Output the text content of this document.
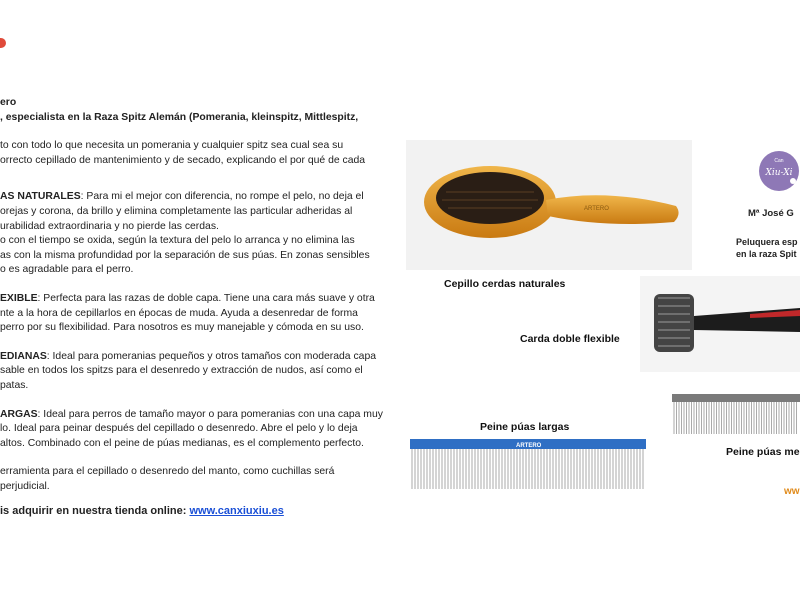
ero

, especialista en la Raza Spitz Alemán (Pomerania, kleinspitz, Mittlespitz,

to con todo lo que necesita un pomerania y cualquier spitz sea cual sea su

orrecto cepillado de mantenimiento y de secado, explicando el por qué de cada

AS NATURALES: Para mi el mejor con diferencia, no rompe el pelo, no deja el

orejas y corona, da brillo y elimina completamente las particular adheridas al

urabilidad extraordinaria y no pierde las cerdas.

o con el tiempo se oxida, según la textura del pelo lo arranca y no elimina las

as con la misma profundidad por la separación de sus púas. En zonas sensibles

o es agradable para el perro.

EXIBLE: Perfecta para las razas de doble capa. Tiene una cara más suave y otra

nte a la hora de cepillarlos en épocas de muda. Ayuda a desenredar de forma

perro por su flexibilidad. Para nosotros es muy manejable y cómoda en su uso.

EDIANAS: Ideal para pomeranias pequeños y otros tamaños con moderada capa

sable en todos los spitzs para el desenredo y extracción de nudos, así como el

patas.

ARGAS: Ideal para perros de tamaño mayor o para pomeranias con una capa muy

lo. Ideal para peinar después del cepillado o desenredo. Abre el pelo y lo deja

altos. Combinado con el peine de púas medianas, es el complemento perfecto.

erramienta para el cepillado o desenredo del manto, como cuchillas será

perjudicial.

is adquirir en nuestra tienda online: www.canxiuxiu.es

ARTERO
Cepillo cerdas naturales
Carda doble flexible
Peine púas largas
ARTERO	Peine púas me
Can
Xiu-Xi
Mª José G
Peluquera esp
en la raza Spit
ww
